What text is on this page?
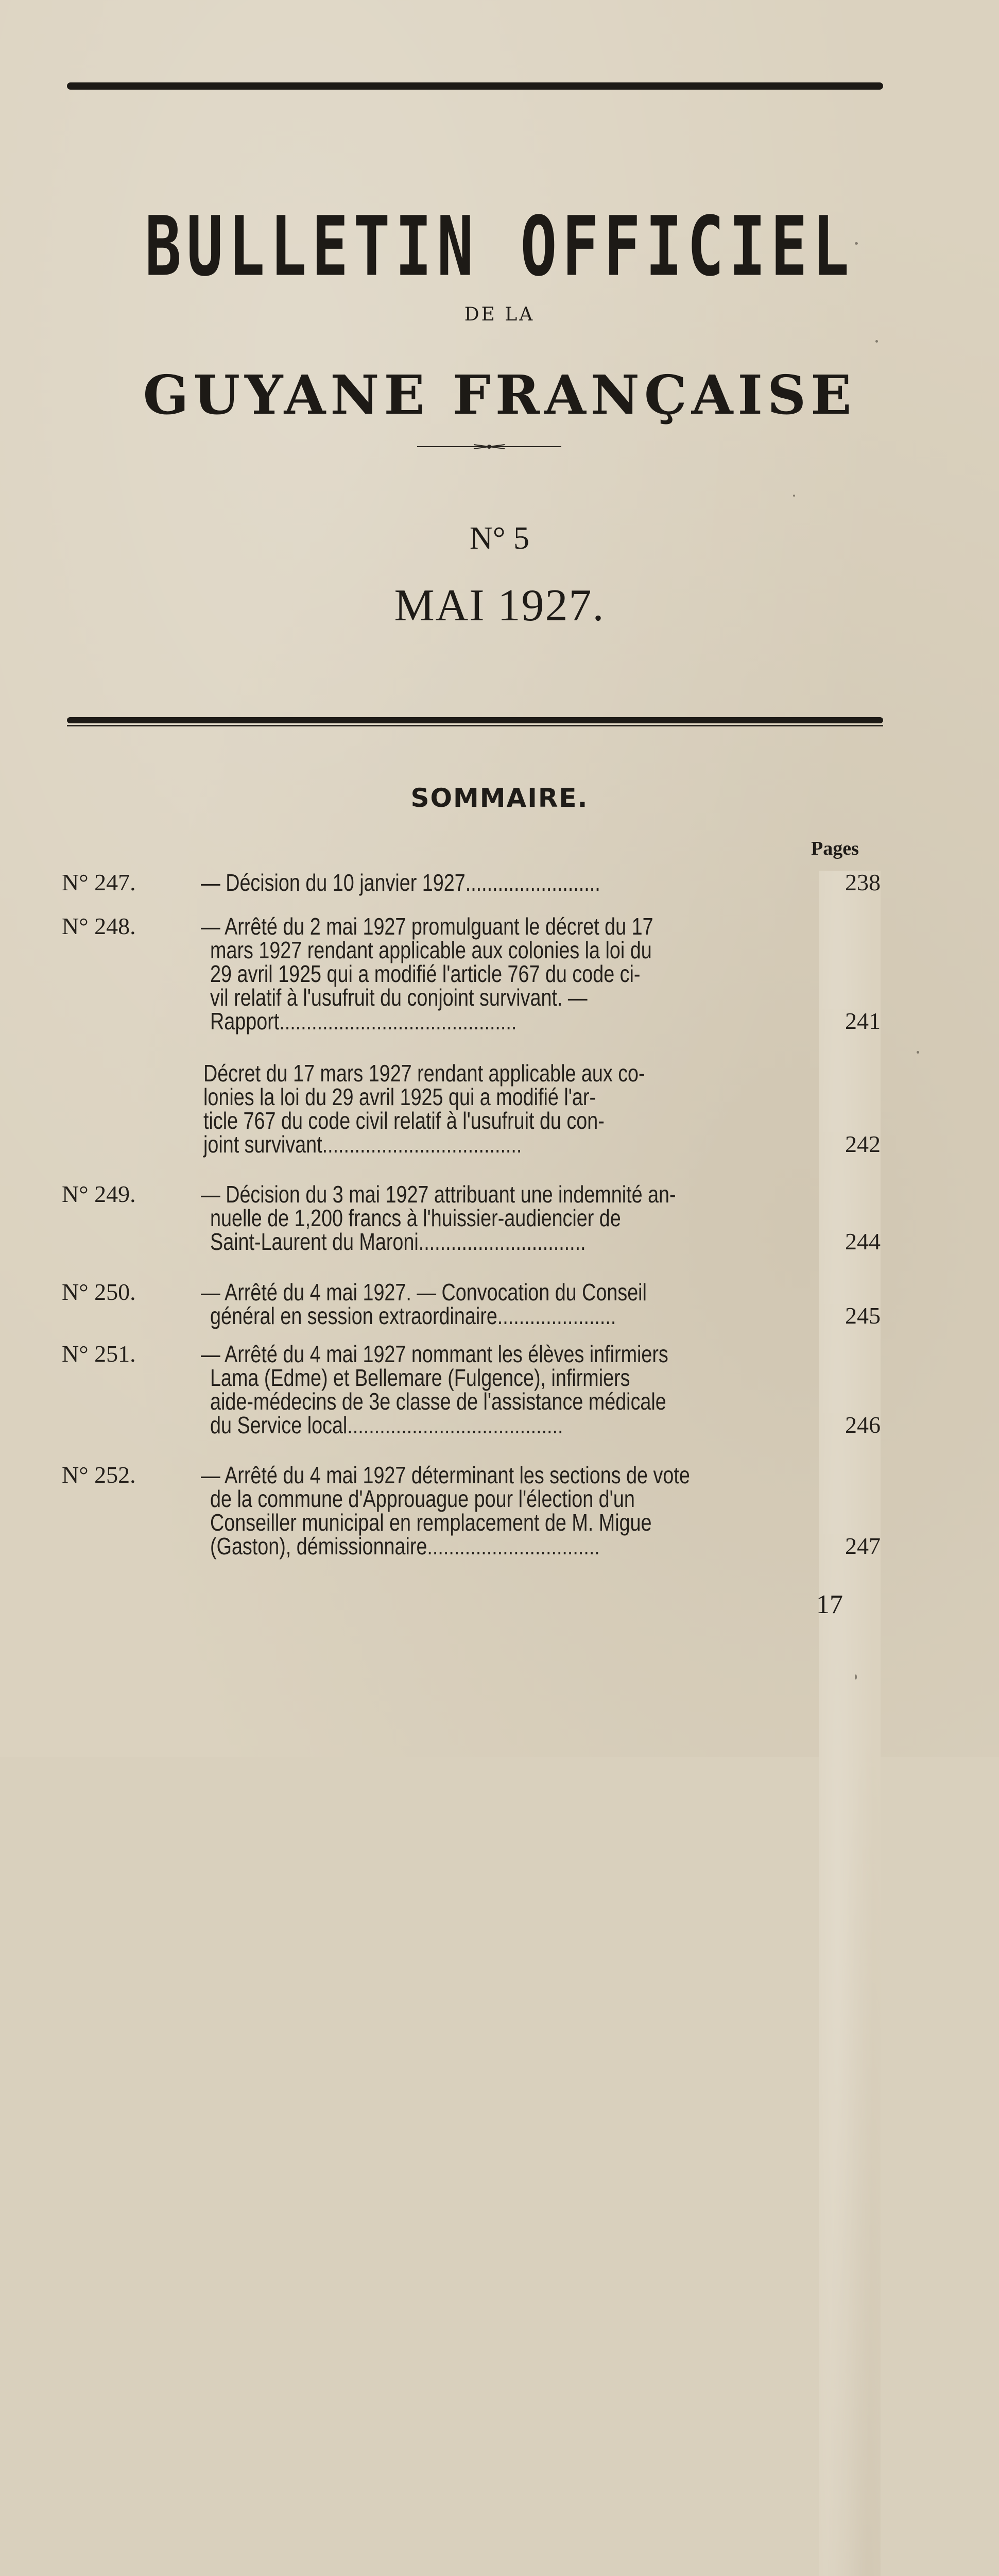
BULLETIN OFFICIEL
DE LA
GUYANE FRANÇAISE
N° 5
MAI 1927.
SOMMAIRE.
Pages
N° 247.	— Décision du 10 janvier 1927.........................	238
N° 248.	— Arrêté du 2 mai 1927 promulguant le décret du 17
mars 1927 rendant applicable aux colonies la loi du
29 avril 1925 qui a modifié l'article 767 du code ci-
vil relatif à l'usufruit du conjoint survivant. —
Rapport............................................	241
Décret du 17 mars 1927 rendant applicable aux co-
lonies la loi du 29 avril 1925 qui a modifié l'ar-
ticle 767 du code civil relatif à l'usufruit du con-
joint survivant.....................................	242
N° 249.	— Décision du 3 mai 1927 attribuant une indemnité an-
nuelle de 1,200 francs à l'huissier-audiencier de
Saint-Laurent du Maroni...............................	244
N° 250.	— Arrêté du 4 mai 1927. — Convocation du Conseil
général en session extraordinaire......................	245
N° 251.	— Arrêté du 4 mai 1927 nommant les élèves infirmiers
Lama (Edme) et Bellemare (Fulgence), infirmiers
aide-médecins de 3e classe de l'assistance médicale
du Service local........................................	246
N° 252.	— Arrêté du 4 mai 1927 déterminant les sections de vote
de la commune d'Approuague pour l'élection d'un
Conseiller municipal en remplacement de M. Migue
(Gaston), démissionnaire................................	247
17
